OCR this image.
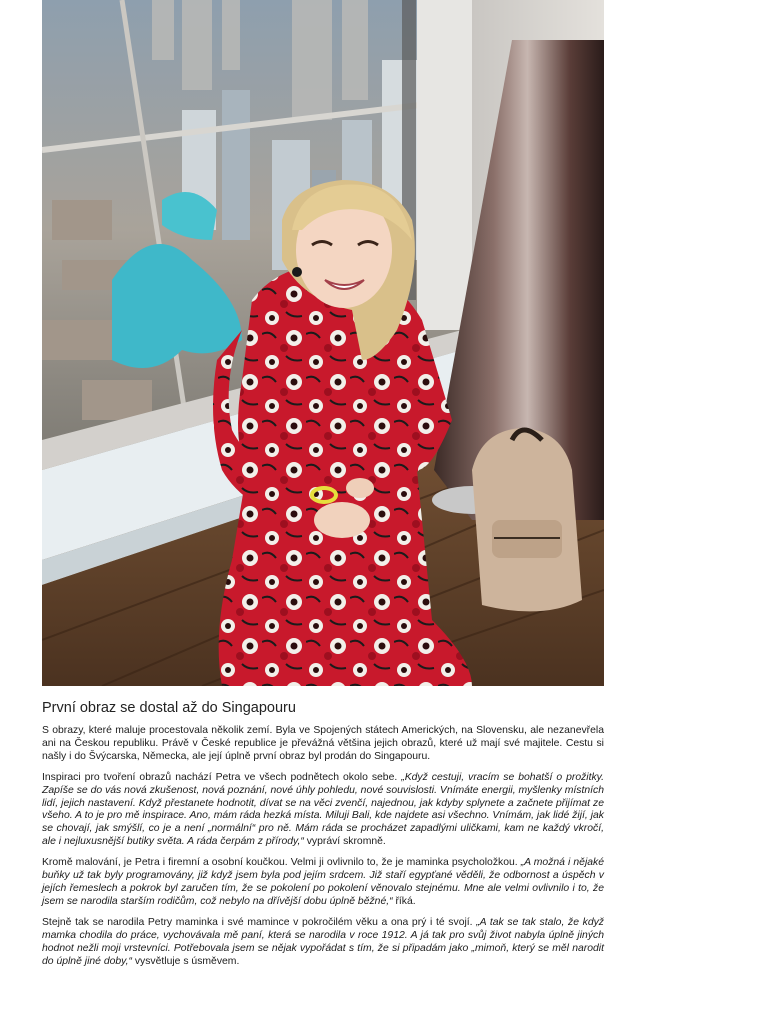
První obraz se dostal až do Singapouru

S obrazy, které maluje procestovala několik zemí. Byla ve Spojených státech Amerických, na Slovensku, ale nezanevřela ani na Českou republiku. Právě v České republice je převážná většina jejich obrazů, které už mají své majitele. Cestu si našly i do Švýcarska, Německa, ale její úplně první obraz byl prodán do Singapouru.

Inspiraci pro tvoření obrazů nachází Petra ve všech podnětech okolo sebe. „Když cestuji, vracím se bohatší o prožitky. Zapíše se do vás nová zkušenost, nová poznání, nové úhly pohledu, nové souvislosti. Vnímáte energii, myšlenky místních lidí, jejich nastavení. Když přestanete hodnotit, dívat se na věci zvenčí, najednou, jak kdyby splynete a začnete přijímat ze všeho. A to je pro mě inspirace. Ano, mám ráda hezká místa. Miluji Bali, kde najdete asi všechno. Vnímám, jak lidé žijí, jak se chovají, jak smýšlí, co je a není „normální“ pro ně. Mám ráda se procházet zapadlými uličkami, kam ne každý vkročí, ale i nejluxusnější butiky světa. A ráda čerpám z přírody,“ vypráví skromně.

Kromě malování, je Petra i firemní a osobní koučkou. Velmi ji ovlivnilo to, že je maminka psycholožkou. „A možná i nějaké buňky už tak byly programovány, již když jsem byla pod jejím srdcem. Již staří egypťané věděli, že odbornost a úspěch v jejích řemeslech a pokrok byl zaručen tím, že se pokolení po pokolení věnovalo stejnému. Mne ale velmi ovlivnilo i to, že jsem se narodila starším rodičům, což nebylo na dřívější dobu úplně běžné,“ říká.

Stejně tak se narodila Petry maminka i své mamince v pokročilém věku a ona prý i té svojí. „A tak se tak stalo, že když mamka chodila do práce, vychovávala mě paní, která se narodila v roce 1912. A já tak pro svůj život nabyla úplně jiných hodnot nežli moji vrstevníci. Potřebovala jsem se nějak vypořádat s tím, že si připadám jako „mimoň, který se měl narodit do úplně jiné doby,“ vysvětluje s úsměvem.
